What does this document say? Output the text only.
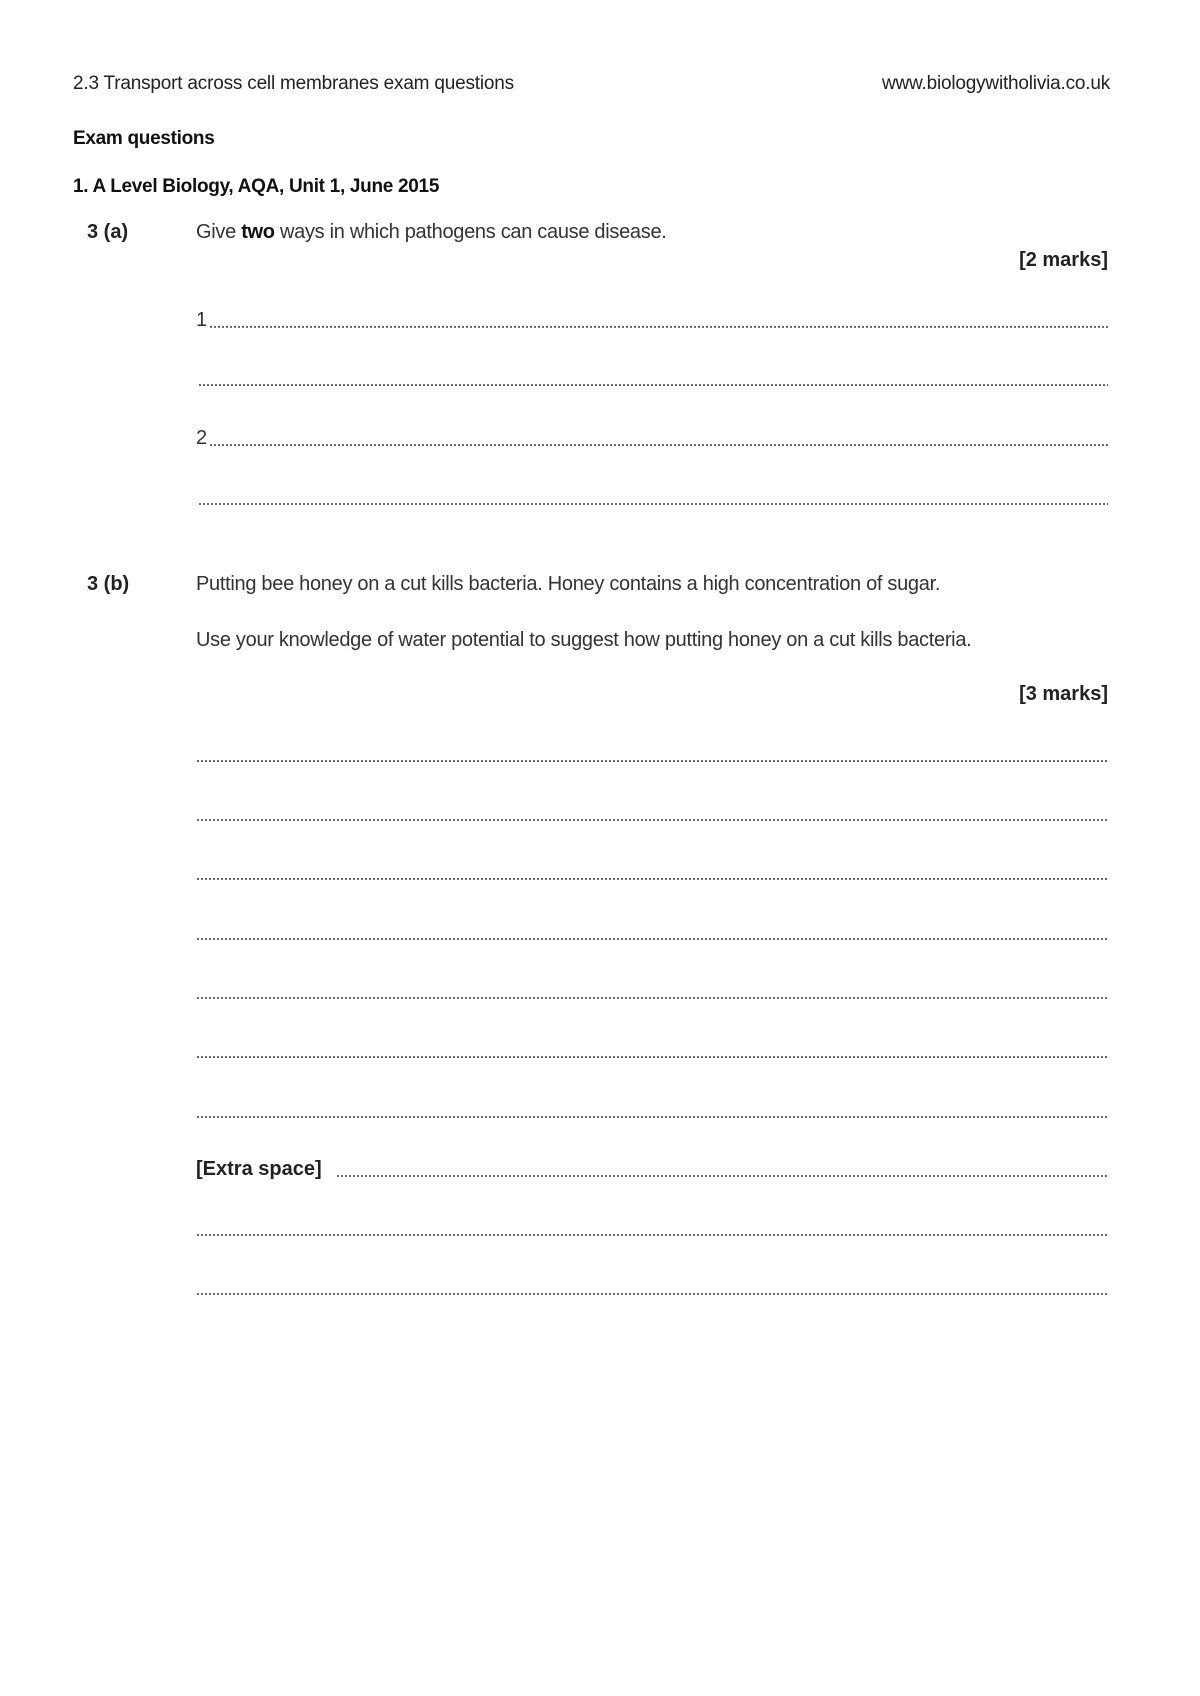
2.3 Transport across cell membranes exam questions	www.biologywitholivia.co.uk
Exam questions
1. A Level Biology, AQA, Unit 1, June 2015
3 (a)	Give two ways in which pathogens can cause disease.
[2 marks]
1
2
3 (b)	Putting bee honey on a cut kills bacteria. Honey contains a high concentration of sugar.
Use your knowledge of water potential to suggest how putting honey on a cut kills bacteria.
[3 marks]
[Extra space]
